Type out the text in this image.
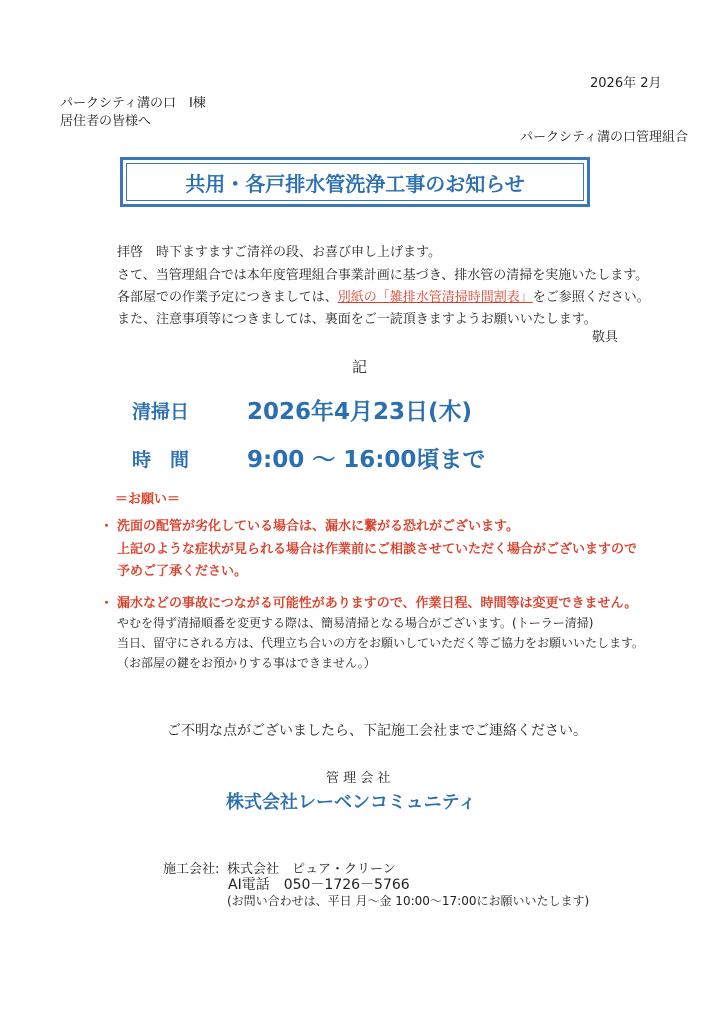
2026年 2月
パークシティ溝の口　I棟
居住者の皆様へ
パークシティ溝の口管理組合
共用・各戸排水管洗浄工事のお知らせ
拝啓　時下ますますご清祥の段、お喜び申し上げます。
さて、当管理組合では本年度管理組合事業計画に基づき、排水管の清掃を実施いたします。
各部屋での作業予定につきましては、別紙の「雑排水管清掃時間割表」をご参照ください。
また、注意事項等につきましては、裏面をご一読頂きますようお願いいたします。
敬具
記
清掃日	2026年4月23日(木)
時　間	9:00 ～ 16:00頃まで
＝お願い＝
・ 洗面の配管が劣化している場合は、漏水に繋がる恐れがございます。
上記のような症状が見られる場合は作業前にご相談させていただく場合がございますので
予めご了承ください。
・ 漏水などの事故につながる可能性がありますので、作業日程、時間等は変更できません。
やむを得ず清掃順番を変更する際は、簡易清掃となる場合がございます。(トーラー清掃)
当日、留守にされる方は、代理立ち合いの方をお願いしていただく等ご協力をお願いいたします。
（お部屋の鍵をお預かりする事はできません。）
ご不明な点がございましたら、下記施工会社までご連絡ください。
管 理 会 社
株式会社レーベンコミュニティ
施工会社: 株式会社　ピュア・クリーン
AI電話　050－1726－5766
(お問い合わせは、平日 月～金 10:00～17:00にお願いいたします)
